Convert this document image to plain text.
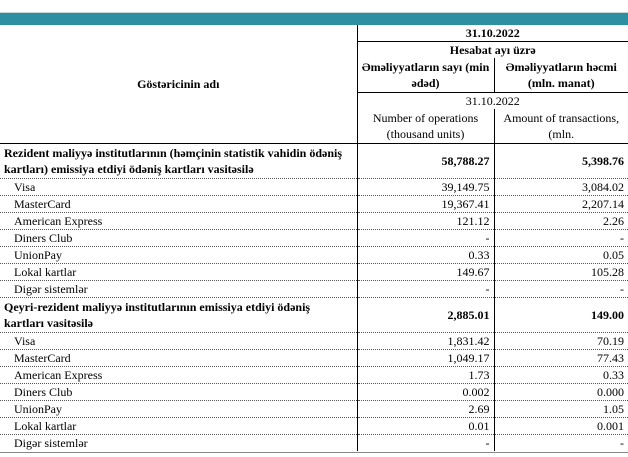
Göstəricinin adı	31.10.2022	
	Hesabat ayı üzrə	
	Əməliyyatların sayı (min ədəd)	Əməliyyatların həcmi (mln. manat)
	31.10.2022	
	Number of operations (thousand units)	Amount of transactions, (mln.

Rezident maliyyə institutlarının (həmçinin statistik vahidin ödəniş kartları) emissiya etdiyi ödəniş kartları vasitəsilə	58,788.27	5,398.76
Visa	39,149.75	3,084.02
MasterCard	19,367.41	2,207.14
American Express	121.12	2.26
Diners Club	-	-
UnionPay	0.33	0.05
Lokal kartlar	149.67	105.28
Digər sistemlər	-	-
Qeyri-rezident maliyyə institutlarının emissiya etdiyi ödəniş kartları vasitəsilə	2,885.01	149.00
Visa	1,831.42	70.19
MasterCard	1,049.17	77.43
American Express	1.73	0.33
Diners Club	0.002	0.000
UnionPay	2.69	1.05
Lokal kartlar	0.01	0.001
Digər sistemlər	-	-
